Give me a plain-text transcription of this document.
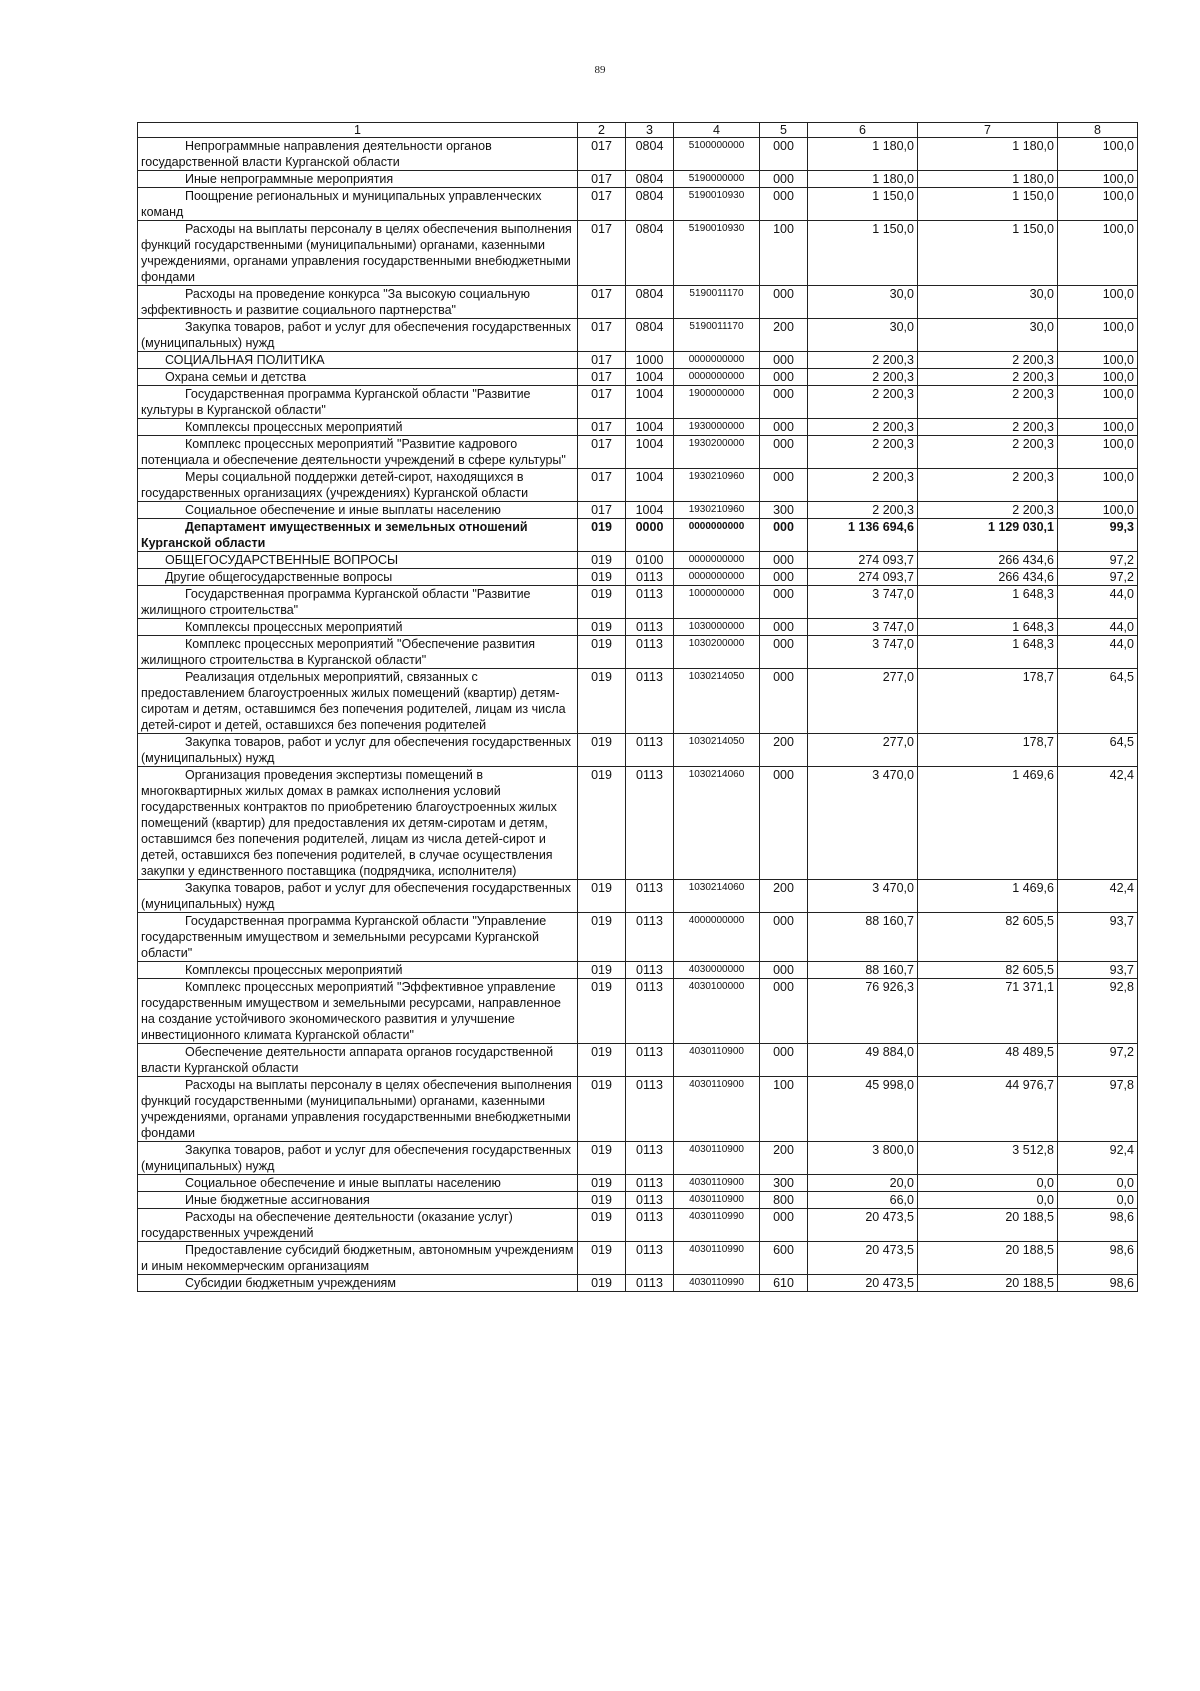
89
1	2	3	4	5	6	7	8

Непрограммные направления деятельности органов государственной власти Курганской области	017	0804	5100000000	000	1 180,0	1 180,0	100,0

Иные непрограммные мероприятия	017	0804	5190000000	000	1 180,0	1 180,0	100,0

Поощрение региональных и муниципальных управленческих команд	017	0804	5190010930	000	1 150,0	1 150,0	100,0

Расходы на выплаты персоналу в целях обеспечения выполнения функций государственными (муниципальными) органами, казенными учреждениями, органами управления государственными внебюджетными фондами	017	0804	5190010930	100	1 150,0	1 150,0	100,0

Расходы на проведение конкурса "За высокую социальную эффективность и развитие социального партнерства"	017	0804	5190011170	000	30,0	30,0	100,0

Закупка товаров, работ и услуг для обеспечения государственных (муниципальных) нужд	017	0804	5190011170	200	30,0	30,0	100,0

СОЦИАЛЬНАЯ ПОЛИТИКА	017	1000	0000000000	000	2 200,3	2 200,3	100,0

Охрана семьи и детства	017	1004	0000000000	000	2 200,3	2 200,3	100,0

Государственная программа Курганской области "Развитие культуры в Курганской области"	017	1004	1900000000	000	2 200,3	2 200,3	100,0

Комплексы процессных мероприятий	017	1004	1930000000	000	2 200,3	2 200,3	100,0

Комплекс процессных мероприятий "Развитие кадрового потенциала и обеспечение деятельности учреждений в сфере культуры"	017	1004	1930200000	000	2 200,3	2 200,3	100,0

Меры социальной поддержки детей-сирот, находящихся в государственных организациях (учреждениях) Курганской области	017	1004	1930210960	000	2 200,3	2 200,3	100,0

Социальное обеспечение и иные выплаты населению	017	1004	1930210960	300	2 200,3	2 200,3	100,0

Департамент имущественных и земельных отношений Курганской области	019	0000	0000000000	000	1 136 694,6	1 129 030,1	99,3

ОБЩЕГОСУДАРСТВЕННЫЕ ВОПРОСЫ	019	0100	0000000000	000	274 093,7	266 434,6	97,2

Другие общегосударственные вопросы	019	0113	0000000000	000	274 093,7	266 434,6	97,2

Государственная программа Курганской области "Развитие жилищного строительства"	019	0113	1000000000	000	3 747,0	1 648,3	44,0

Комплексы процессных мероприятий	019	0113	1030000000	000	3 747,0	1 648,3	44,0

Комплекс процессных мероприятий "Обеспечение развития жилищного строительства в Курганской области"	019	0113	1030200000	000	3 747,0	1 648,3	44,0

Реализация отдельных мероприятий, связанных с предоставлением благоустроенных жилых помещений (квартир) детям-сиротам и детям, оставшимся без попечения родителей, лицам из числа детей-сирот и детей, оставшихся без попечения родителей	019	0113	1030214050	000	277,0	178,7	64,5

Закупка товаров, работ и услуг для обеспечения государственных (муниципальных) нужд	019	0113	1030214050	200	277,0	178,7	64,5

Организация проведения экспертизы помещений в многоквартирных жилых домах в рамках исполнения условий государственных контрактов по приобретению благоустроенных жилых помещений (квартир) для предоставления их детям-сиротам и детям, оставшимся без попечения родителей, лицам из числа детей-сирот и детей, оставшихся без попечения родителей, в случае осуществления закупки у единственного поставщика (подрядчика, исполнителя)	019	0113	1030214060	000	3 470,0	1 469,6	42,4

Закупка товаров, работ и услуг для обеспечения государственных (муниципальных) нужд	019	0113	1030214060	200	3 470,0	1 469,6	42,4

Государственная программа Курганской области "Управление государственным имуществом и земельными ресурсами Курганской области"	019	0113	4000000000	000	88 160,7	82 605,5	93,7

Комплексы процессных мероприятий	019	0113	4030000000	000	88 160,7	82 605,5	93,7

Комплекс процессных мероприятий "Эффективное управление государственным имуществом и земельными ресурсами, направленное на создание устойчивого экономического развития и улучшение инвестиционного климата Курганской области"	019	0113	4030100000	000	76 926,3	71 371,1	92,8

Обеспечение деятельности аппарата органов государственной власти Курганской области	019	0113	4030110900	000	49 884,0	48 489,5	97,2

Расходы на выплаты персоналу в целях обеспечения выполнения функций государственными (муниципальными) органами, казенными учреждениями, органами управления государственными внебюджетными фондами	019	0113	4030110900	100	45 998,0	44 976,7	97,8

Закупка товаров, работ и услуг для обеспечения государственных (муниципальных) нужд	019	0113	4030110900	200	3 800,0	3 512,8	92,4

Социальное обеспечение и иные выплаты населению	019	0113	4030110900	300	20,0	0,0	0,0

Иные бюджетные ассигнования	019	0113	4030110900	800	66,0	0,0	0,0

Расходы на обеспечение деятельности (оказание услуг) государственных учреждений	019	0113	4030110990	000	20 473,5	20 188,5	98,6

Предоставление субсидий бюджетным, автономным учреждениям и иным некоммерческим организациям	019	0113	4030110990	600	20 473,5	20 188,5	98,6

Субсидии бюджетным учреждениям	019	0113	4030110990	610	20 473,5	20 188,5	98,6
